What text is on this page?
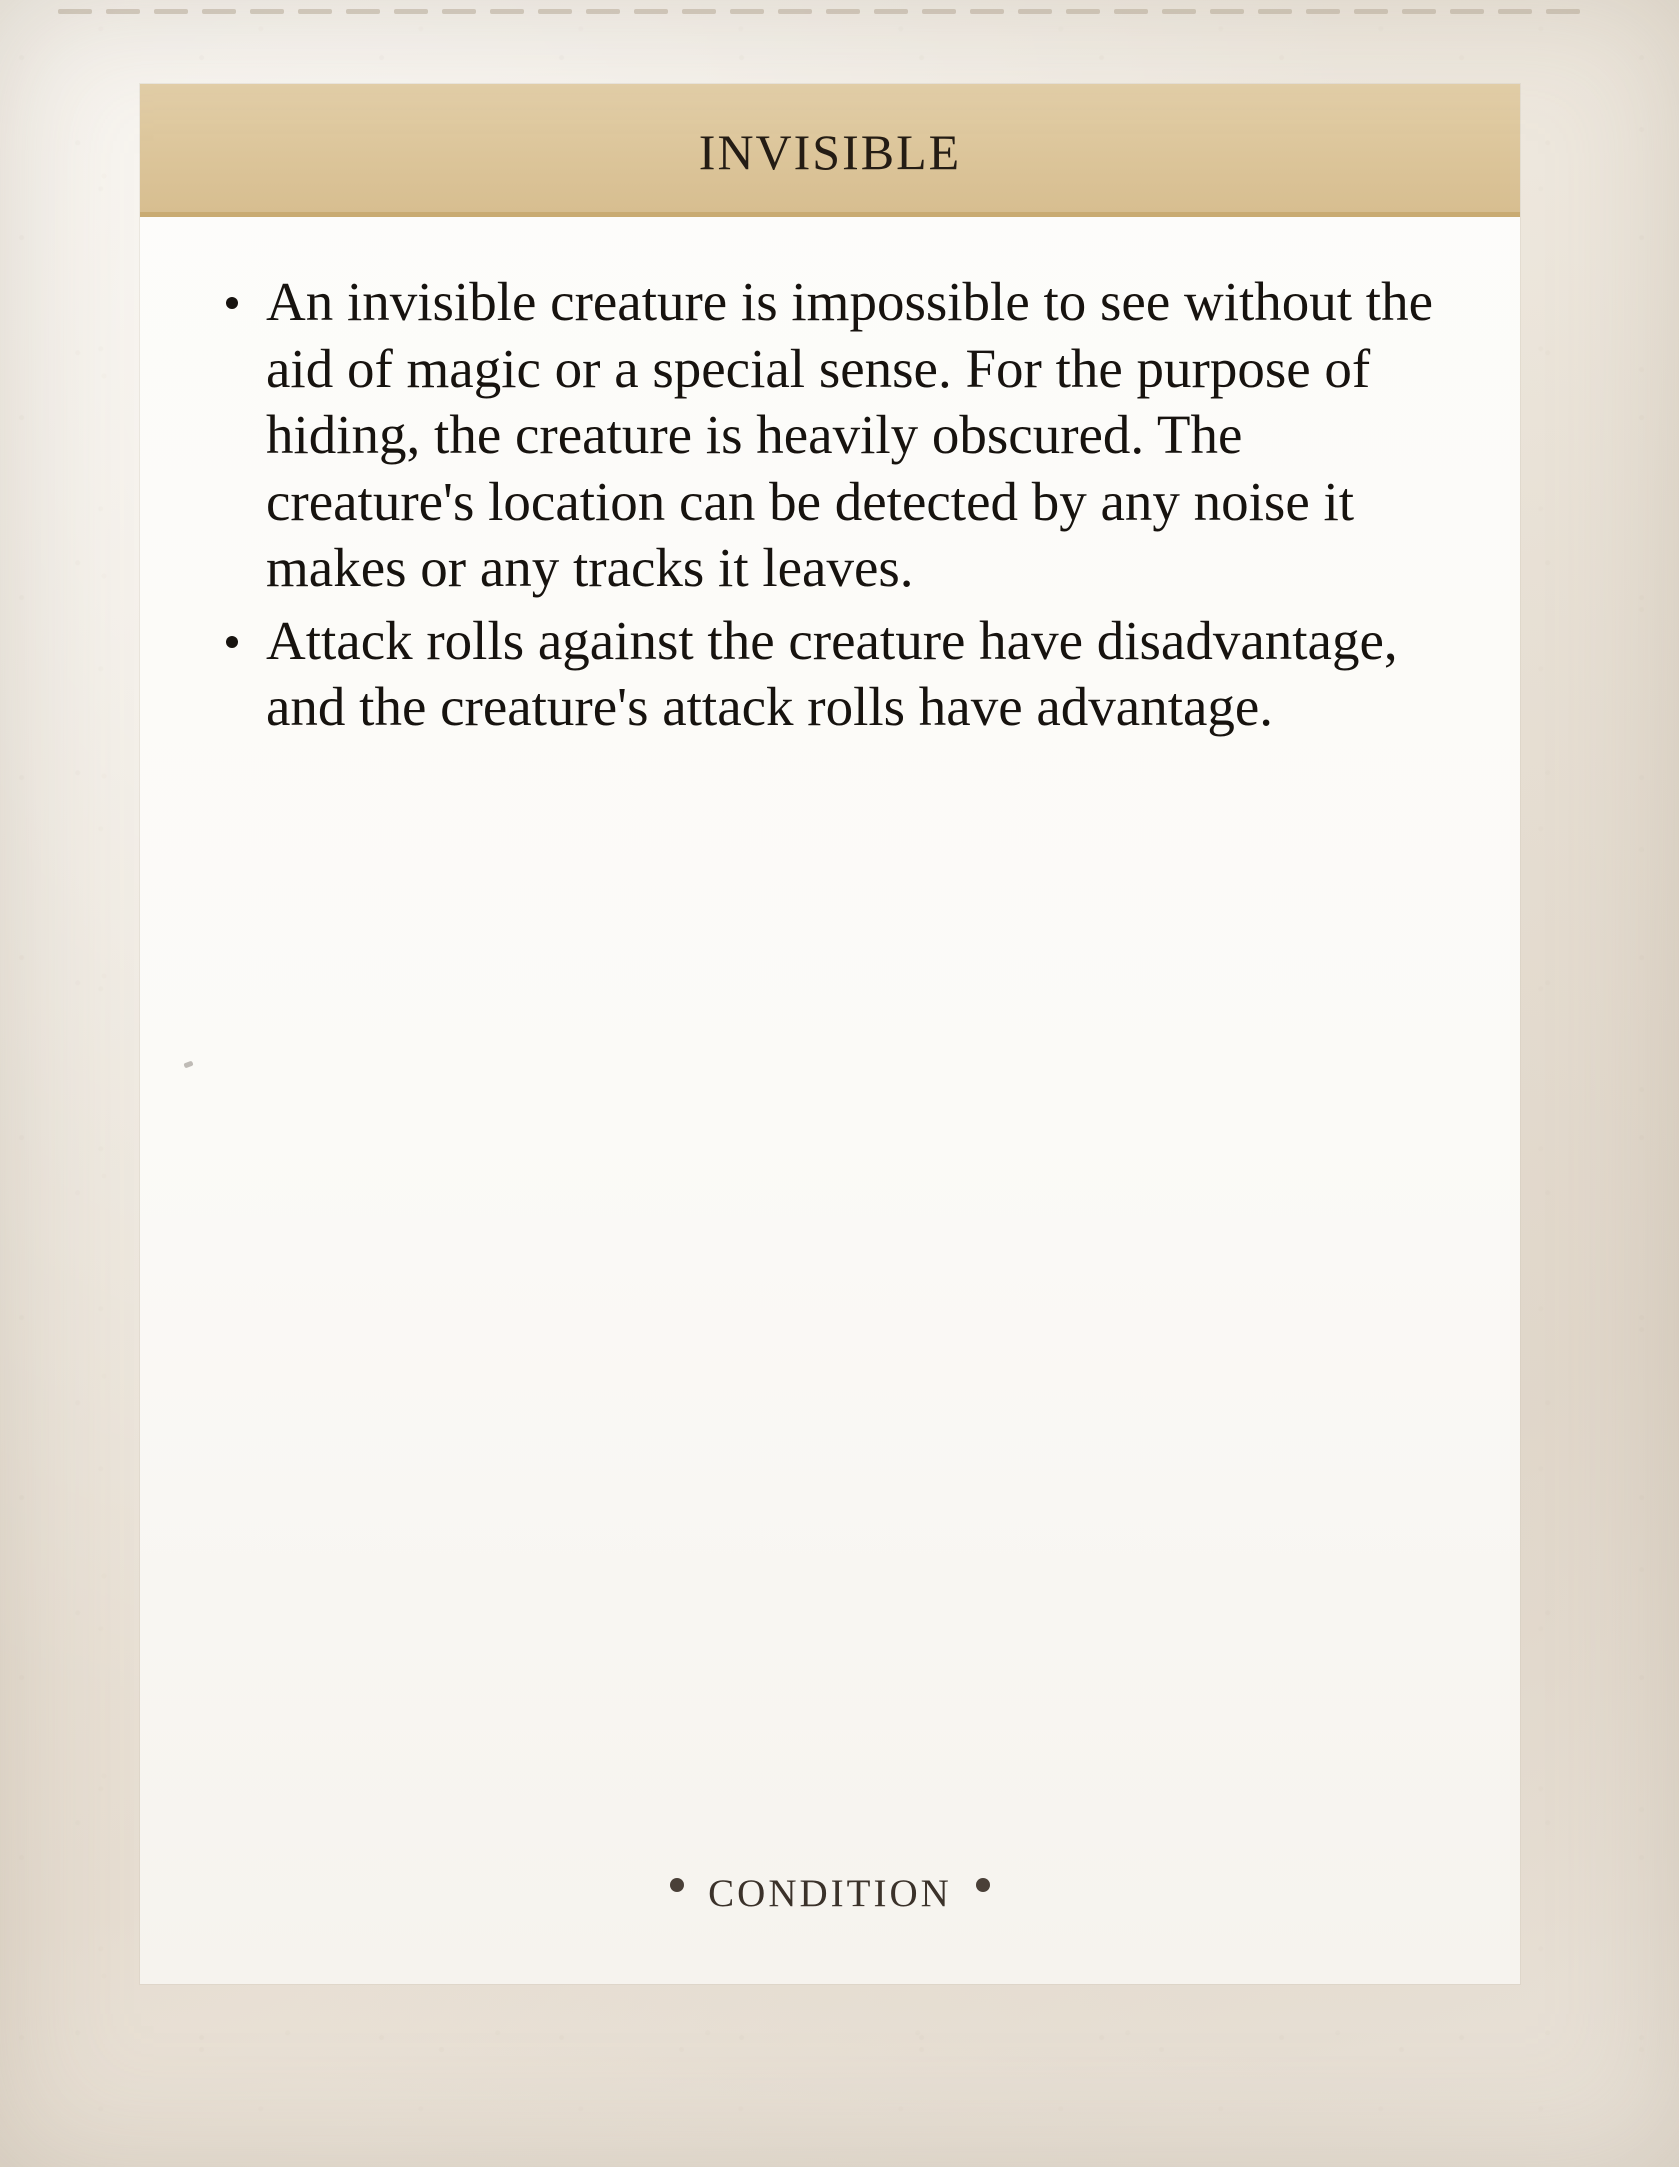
invisible
An invisible creature is impossible to see without the aid of magic or a special sense. For the purpose of hiding, the creature is heavily obscured. The creature's location can be detected by any noise it makes or any tracks it leaves.
Attack rolls against the creature have disadvantage, and the creature's attack rolls have advantage.
condition
